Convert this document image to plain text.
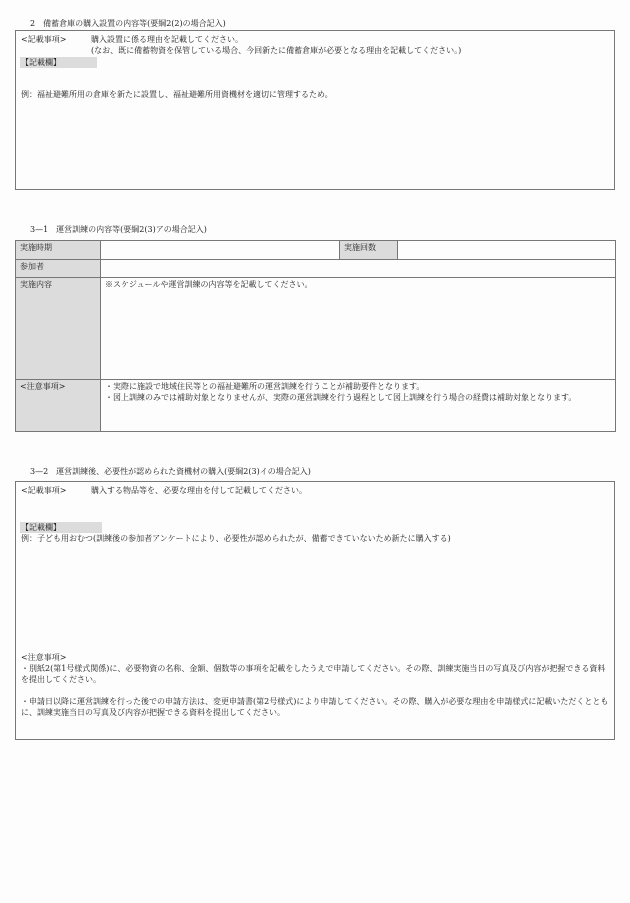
2　備蓄倉庫の購入設置の内容等(要綱2(2)の場合記入)
<記載事項>	購入設置に係る理由を記載してください。
(なお、既に備蓄物資を保管している場合、今回新たに備蓄倉庫が必要となる理由を記載してください。)
【記載欄】
例：福祉避難所用の倉庫を新たに設置し、福祉避難所用資機材を適切に管理するため。
3—1　運営訓練の内容等(要綱2(3)アの場合記入)
実施時期		実施回数	
参加者			
実施内容	※スケジュールや運営訓練の内容等を記載してください。		
<注意事項>	・実際に施設で地域住民等との福祉避難所の運営訓練を行うことが補助要件となります。
・図上訓練のみでは補助対象となりませんが、実際の運営訓練を行う過程として図上訓練を行う場合の経費は補助対象となります。		
3—2　運営訓練後、必要性が認められた資機材の購入(要綱2(3)イの場合記入)
<記載事項>	購入する物品等を、必要な理由を付して記載してください。
【記載欄】
例：子ども用おむつ(訓練後の参加者アンケートにより、必要性が認められたが、備蓄できていないため新たに購入する)
<注意事項>
・別紙2(第1号様式関係)に、必要物資の名称、金額、個数等の事項を記載をしたうえで申請してください。その際、訓練実施当日の写真及び内容が把握できる資料を提出してください。
・申請日以降に運営訓練を行った後での申請方法は、変更申請書(第2号様式)により申請してください。その際、購入が必要な理由を申請様式に記載いただくとともに、訓練実施当日の写真及び内容が把握できる資料を提出してください。
